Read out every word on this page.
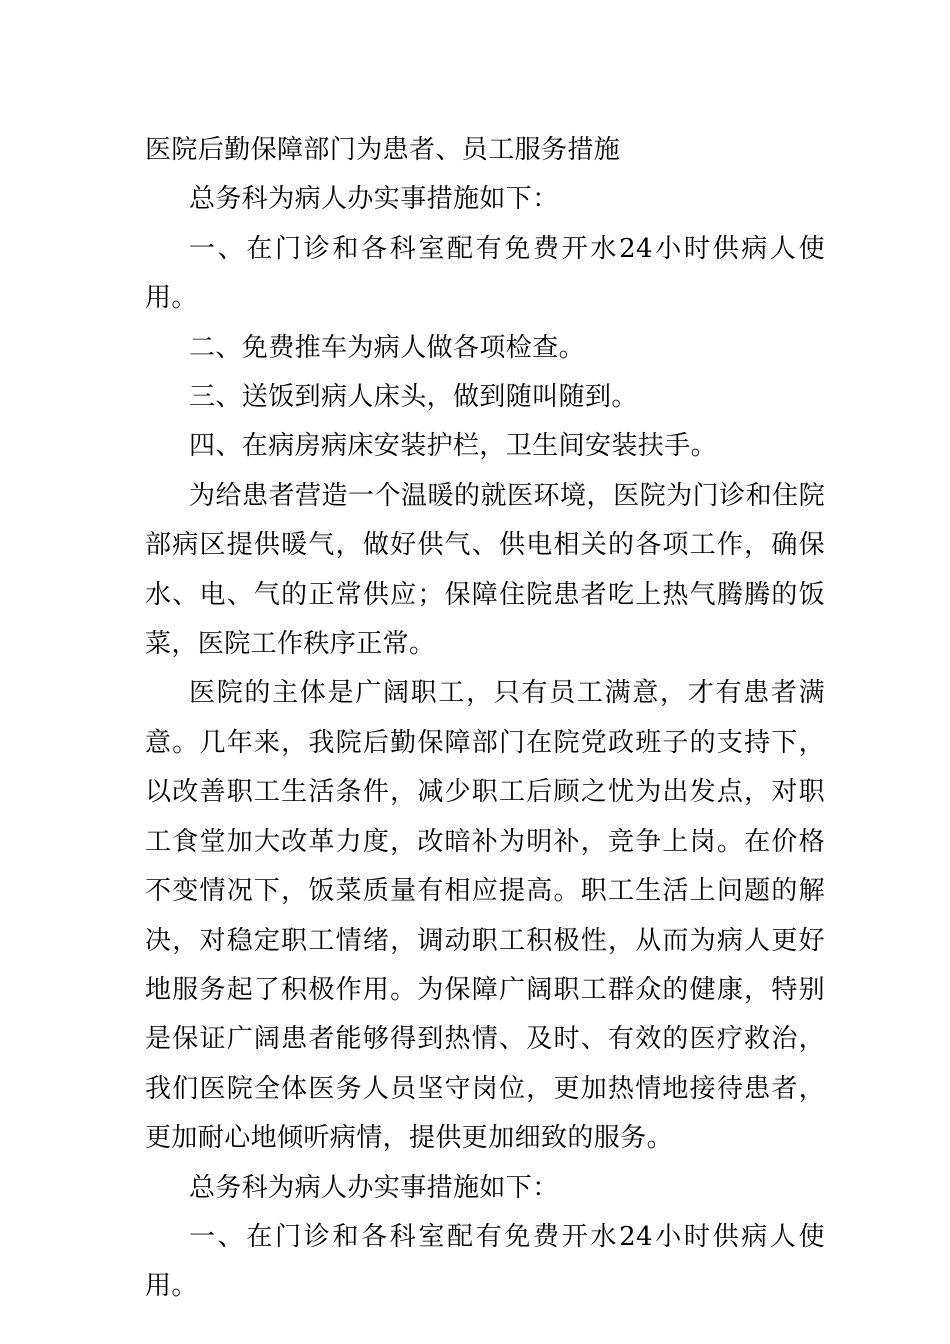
医院后勤保障部门为患者、员工服务措施

总务科为病人办实事措施如下：

一、在门诊和各科室配有免费开水24小时供病人使用。

二、免费推车为病人做各项检查。

三、送饭到病人床头，做到随叫随到。

四、在病房病床安装护栏，卫生间安装扶手。

为给患者营造一个温暖的就医环境，医院为门诊和住院部病区提供暖气，做好供气、供电相关的各项工作，确保水、电、气的正常供应；保障住院患者吃上热气腾腾的饭菜，医院工作秩序正常。

医院的主体是广阔职工，只有员工满意，才有患者满意。几年来，我院后勤保障部门在院党政班子的支持下，以改善职工生活条件，减少职工后顾之忧为出发点，对职工食堂加大改革力度，改暗补为明补，竞争上岗。在价格不变情况下，饭菜质量有相应提高。职工生活上问题的解决，对稳定职工情绪，调动职工积极性，从而为病人更好地服务起了积极作用。为保障广阔职工群众的健康，特别是保证广阔患者能够得到热情、及时、有效的医疗救治，我们医院全体医务人员坚守岗位，更加热情地接待患者，更加耐心地倾听病情，提供更加细致的服务。

总务科为病人办实事措施如下：

一、在门诊和各科室配有免费开水24小时供病人使用。
